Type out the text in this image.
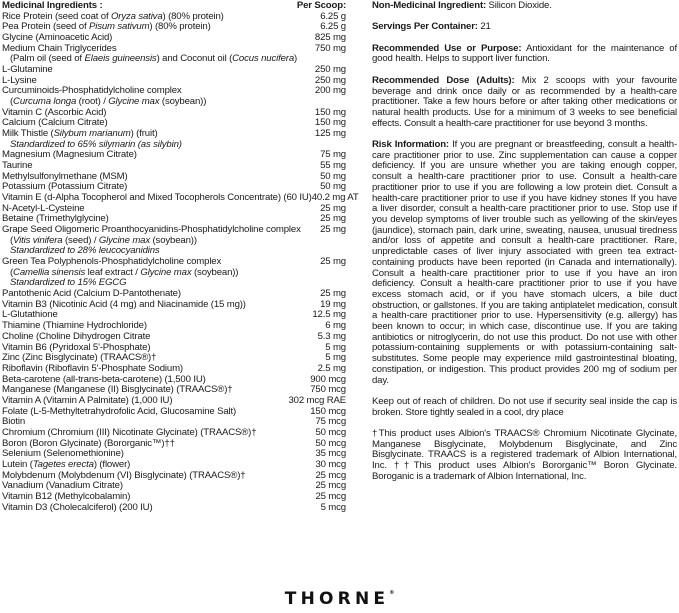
Medicinal Ingredients :	Per Scoop:
Rice Protein (seed coat of Oryza sativa) (80% protein)	6.25 g
Pea Protein (seed of Pisum sativum) (80% protein)	6.25 g
Glycine (Aminoacetic Acid)	825 mg
Medium Chain Triglycerides	750 mg
(Palm oil (seed of Elaeis guineensis) and Coconut oil (Cocus nucifera)
L-Glutamine	250 mg
L-Lysine	250 mg
Curcuminoids-Phosphatidylcholine complex	200 mg
(Curcuma longa (root) / Glycine max (soybean))
Vitamin C (Ascorbic Acid)	150 mg
Calcium (Calcium Citrate)	150 mg
Milk Thistle (Silybum marianum) (fruit)	125 mg
Standardized to 65% silymarin (as silybin)
Magnesium (Magnesium Citrate)	75 mg
Taurine	55 mg
Methylsulfonylmethane (MSM)	50 mg
Potassium (Potassium Citrate)	50 mg
Vitamin E (d-Alpha Tocopherol and Mixed Tocopherols Concentrate) (60 IU) 40.2 mg AT
N-Acetyl-L-Cysteine	25 mg
Betaine (Trimethylglycine)	25 mg
Grape Seed Oligomeric Proanthocyanidins-Phosphatidylcholine complex	25 mg
(Vitis vinifera (seed) / Glycine max (soybean))
Standardized to 28% leucocyanidins
Green Tea Polyphenols-Phosphatidylcholine complex	25 mg
(Camellia sinensis leaf extract / Glycine max (soybean))
Standardized to 15% EGCG
Pantothenic Acid (Calcium D-Pantothenate)	25 mg
Vitamin B3 (Nicotinic Acid (4 mg) and Niacinamide (15 mg))	19 mg
L-Glutathione	12.5 mg
Thiamine (Thiamine Hydrochloride)	6 mg
Choline (Choline Dihydrogen Citrate	5.3 mg
Vitamin B6 (Pyridoxal 5'-Phosphate)	5 mg
Zinc (Zinc Bisglycinate) (TRAACS®)†	5 mg
Riboflavin (Riboflavin 5'-Phosphate Sodium)	2.5 mg
Beta-carotene (all-trans-beta-carotene) (1,500 IU)	900 mcg
Manganese (Manganese (II) Bisglycinate) (TRAACS®)†	750 mcg
Vitamin A (Vitamin A Palmitate) (1,000 IU)	302 mcg RAE
Folate (L-5-Methyltetrahydrofolic Acid, Glucosamine Salt)	150 mcg
Biotin	75 mcg
Chromium (Chromium (III) Nicotinate Glycinate) (TRAACS®)†	50 mcg
Boron (Boron Glycinate) (Bororganic™)††	50 mcg
Selenium (Selenomethionine)	35 mcg
Lutein (Tagetes erecta) (flower)	30 mcg
Molybdenum (Molybdenum (VI) Bisglycinate) (TRAACS®)†	25 mcg
Vanadium (Vanadium Citrate)	25 mcg
Vitamin B12 (Methylcobalamin)	25 mcg
Vitamin D3 (Cholecalciferol) (200 IU)	5 mcg

Non-Medicinal Ingredient: Silicon Dioxide.

Servings Per Container: 21

Recommended Use or Purpose: Antioxidant for the maintenance of good health. Helps to support liver function.

Recommended Dose (Adults): Mix 2 scoops with your favourite beverage and drink once daily or as recommended by a health-care practitioner. Take a few hours before or after taking other medications or natural health products. Use for a minimum of 3 weeks to see beneficial effects. Consult a health-care practitioner for use beyond 3 months.

Risk Information: If you are pregnant or breastfeeding, consult a health-care practitioner prior to use. Zinc supplementation can cause a copper deficiency. If you are unsure whether you are taking enough copper, consult a health-care practitioner prior to use. Consult a health-care practitioner prior to use if you are following a low protein diet. Consult a health-care practitioner prior to use if you have kidney stones If you have a liver disorder, consult a health-care practitioner prior to use. Stop use if you develop symptoms of liver trouble such as yellowing of the skin/eyes (jaundice), stomach pain, dark urine, sweating, nausea, unusual tiredness and/or loss of appetite and consult a health-care practitioner. Rare, unpredictable cases of liver injury associated with green tea extract-containing products have been reported (in Canada and internationally). Consult a health-care practitioner prior to use if you have an iron deficiency. Consult a health-care practitioner prior to use if you have excess stomach acid, or if you have stomach ulcers, a bile duct obstruction, or gallstones. If you are taking antiplatelet medication, consult a health-care practitioner prior to use. Hypersensitivity (e.g. allergy) has been known to occur; in which case, discontinue use. If you are taking antibiotics or nitroglycerin, do not use this product. Do not use with other potassium-containing supplements or with potassium-containing salt-substitutes. Some people may experience mild gastrointestinal bloating, constipation, or indigestion. This product provides 200 mg of sodium per day.

Keep out of reach of children. Do not use if security seal inside the cap is broken. Store tightly sealed in a cool, dry place

†This product uses Albion's TRAACS® Chromium Nicotinate Glycinate, Manganese Bisglycinate, Molybdenum Bisglycinate, and Zinc Bisglycinate. TRAACS is a registered trademark of Albion International, Inc. ††This product uses Albion's Bororganic™ Boron Glycinate. Boroganic is a trademark of Albion International, Inc.

THORNE®
